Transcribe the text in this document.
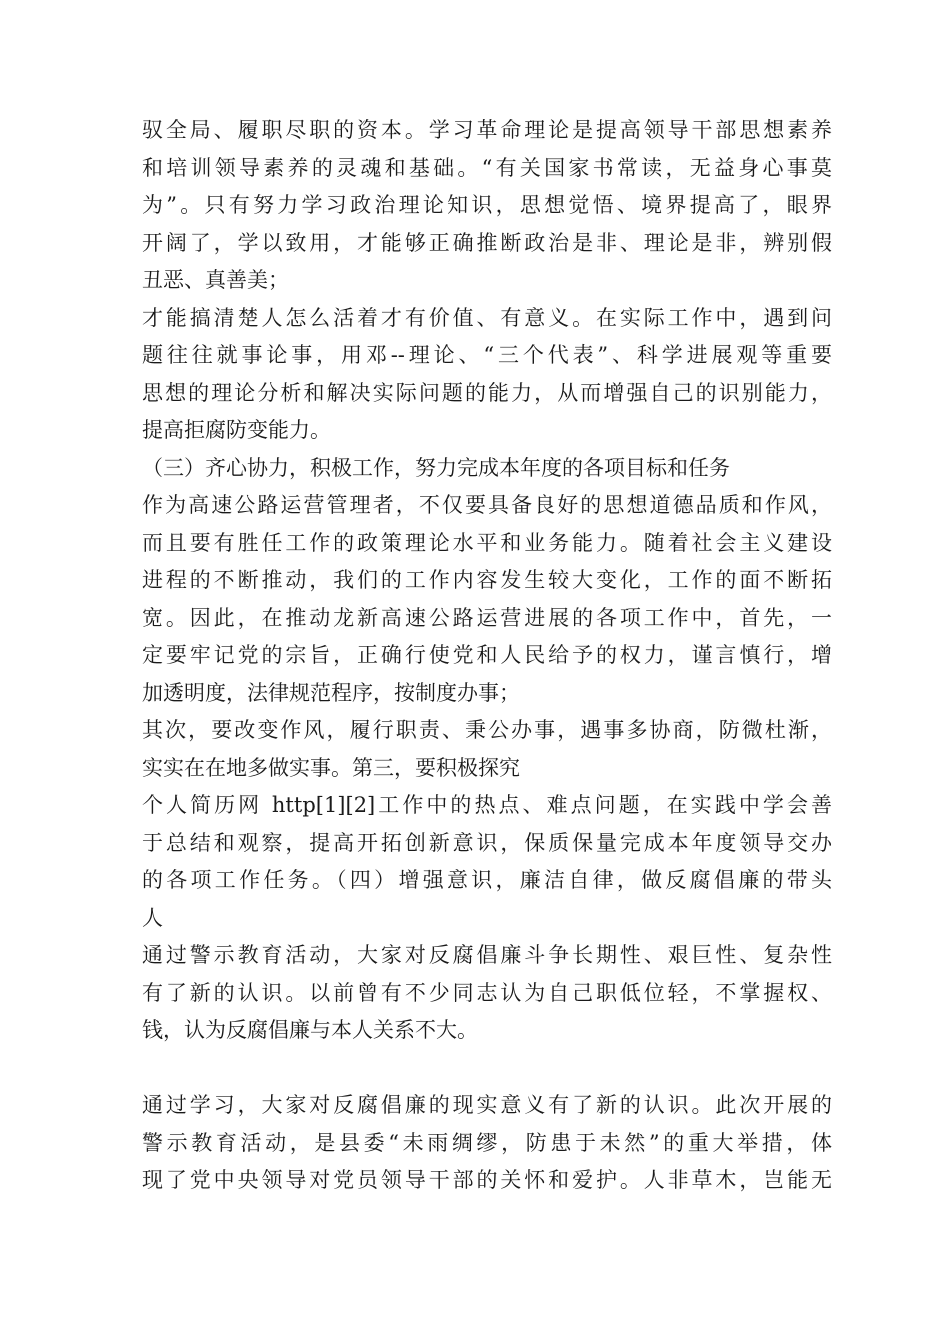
驭全局、履职尽职的资本。学习革命理论是提高领导干部思想素养
和培训领导素养的灵魂和基础。“有关国家书常读，无益身心事莫
为”。只有努力学习政治理论知识，思想觉悟、境界提高了，眼界
开阔了，学以致用，才能够正确推断政治是非、理论是非，辨别假
丑恶、真善美；
才能搞清楚人怎么活着才有价值、有意义。在实际工作中，遇到问
题往往就事论事，用邓--理论、“三个代表”、科学进展观等重要
思想的理论分析和解决实际问题的能力，从而增强自己的识别能力，
提高拒腐防变能力。
（三）齐心协力，积极工作，努力完成本年度的各项目标和任务
作为高速公路运营管理者，不仅要具备良好的思想道德品质和作风，
而且要有胜任工作的政策理论水平和业务能力。随着社会主义建设
进程的不断推动，我们的工作内容发生较大变化，工作的面不断拓
宽。因此，在推动龙新高速公路运营进展的各项工作中，首先，一
定要牢记党的宗旨，正确行使党和人民给予的权力，谨言慎行，增
加透明度，法律规范程序，按制度办事；
其次，要改变作风，履行职责、秉公办事，遇事多协商，防微杜渐，
实实在在地多做实事。第三，要积极探究
个人简历网 http[1][2]工作中的热点、难点问题，在实践中学会善
于总结和观察，提高开拓创新意识，保质保量完成本年度领导交办
的各项工作任务。（四）增强意识，廉洁自律，做反腐倡廉的带头
人
通过警示教育活动，大家对反腐倡廉斗争长期性、艰巨性、复杂性
有了新的认识。以前曾有不少同志认为自己职低位轻，不掌握权、
钱，认为反腐倡廉与本人关系不大。
通过学习，大家对反腐倡廉的现实意义有了新的认识。此次开展的
警示教育活动，是县委“未雨绸缪，防患于未然”的重大举措，体
现了党中央领导对党员领导干部的关怀和爱护。人非草木，岂能无
